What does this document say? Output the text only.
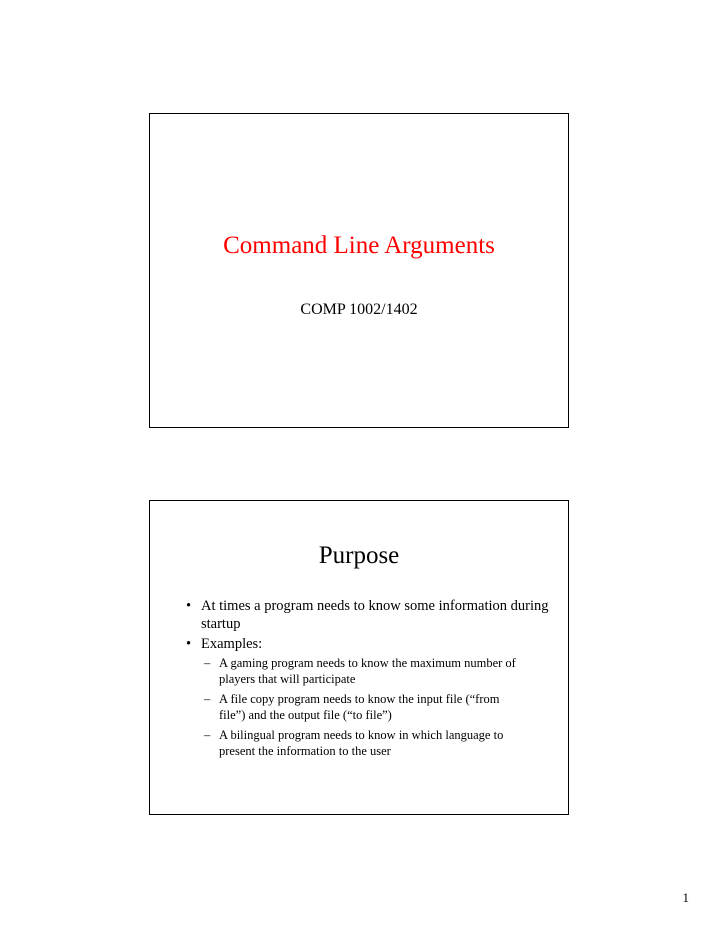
Command Line Arguments
COMP 1002/1402
Purpose
• At times a program needs to know some information during startup
• Examples:
– A gaming program needs to know the maximum number of players that will participate
– A file copy program needs to know the input file (“from file”) and the output file (“to file”)
– A bilingual program needs to know in which language to present the information to the user
1
